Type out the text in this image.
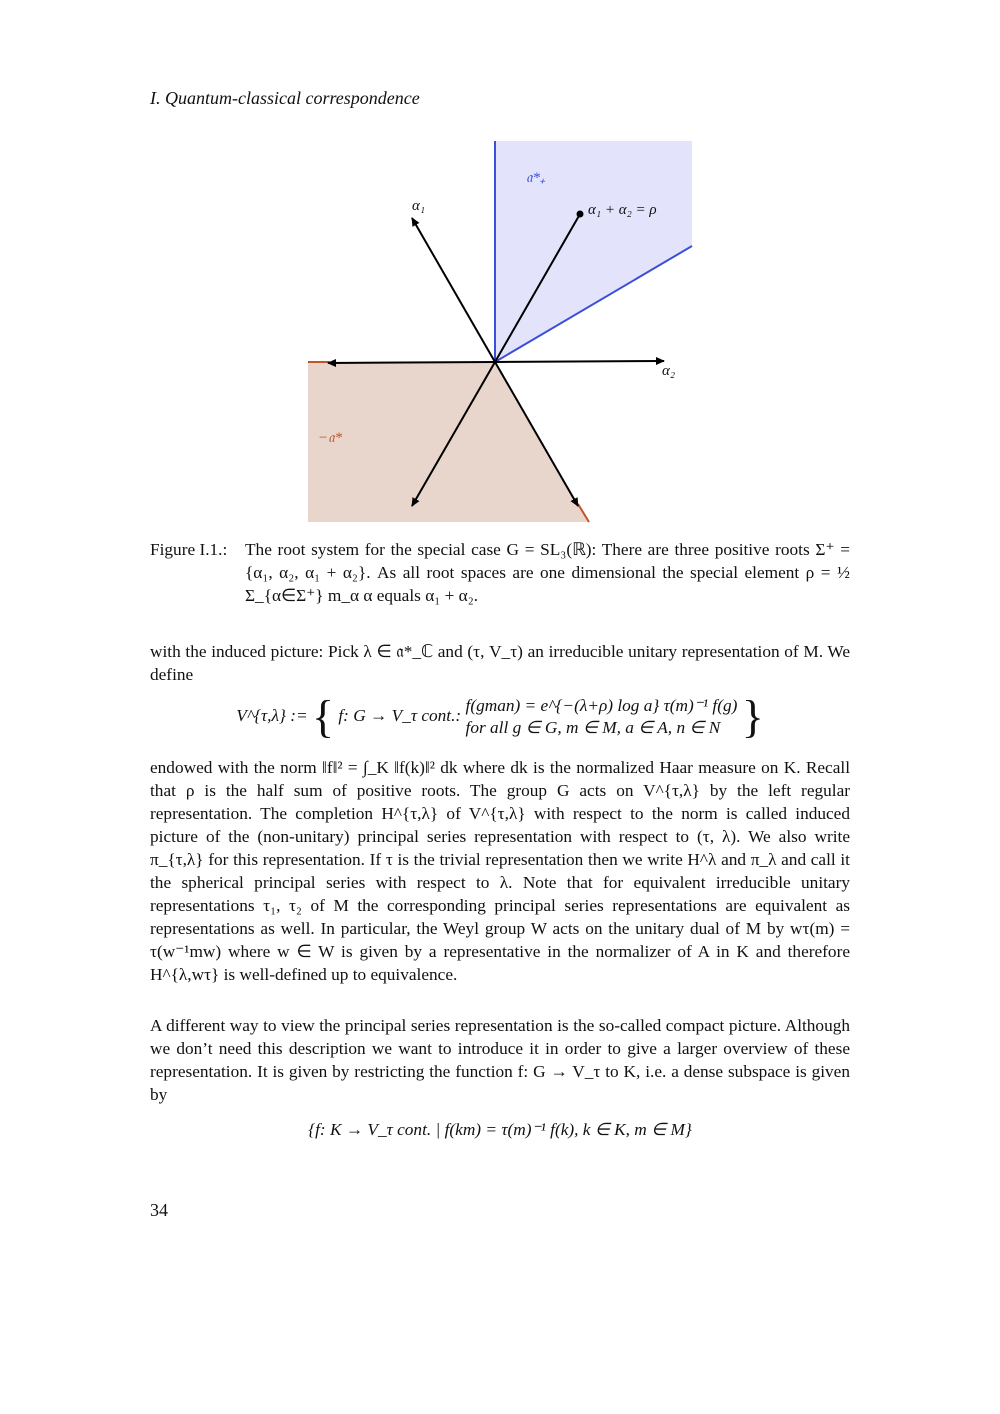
I. Quantum-classical correspondence
α₁
α₂
α₁ + α₂ = ρ
𝔞*₊
−𝔞*
Figure I.1.: The root system for the special case G = SL₃(ℝ): There are three positive roots Σ⁺ = {α₁, α₂, α₁ + α₂}. As all root spaces are one dimensional the special element ρ = ½ Σ_{α∈Σ⁺} m_α α equals α₁ + α₂.
with the induced picture: Pick λ ∈ 𝔞*_ℂ and (τ, V_τ) an irreducible unitary representation of M. We define
V^{τ,λ} := { f: G → V_τ cont.:
f(gman) = e^{−(λ+ρ) log a} τ(m)⁻¹ f(g)
for all g ∈ G, m ∈ M, a ∈ A, n ∈ N }
endowed with the norm ‖f‖² = ∫_K ‖f(k)‖² dk where dk is the normalized Haar measure on K. Recall that ρ is the half sum of positive roots. The group G acts on V^{τ,λ} by the left regular representation. The completion H^{τ,λ} of V^{τ,λ} with respect to the norm is called induced picture of the (non-unitary) principal series representation with respect to (τ, λ). We also write π_{τ,λ} for this representation. If τ is the trivial representation then we write H^λ and π_λ and call it the spherical principal series with respect to λ. Note that for equivalent irreducible unitary representations τ₁, τ₂ of M the corresponding principal series representations are equivalent as representations as well. In particular, the Weyl group W acts on the unitary dual of M by wτ(m) = τ(w⁻¹mw) where w ∈ W is given by a representative in the normalizer of A in K and therefore H^{λ,wτ} is well-defined up to equivalence.
A different way to view the principal series representation is the so-called compact picture. Although we don’t need this description we want to introduce it in order to give a larger overview of these representation. It is given by restricting the function f: G → V_τ to K, i.e. a dense subspace is given by
{f: K → V_τ cont. | f(km) = τ(m)⁻¹ f(k), k ∈ K, m ∈ M}
34
